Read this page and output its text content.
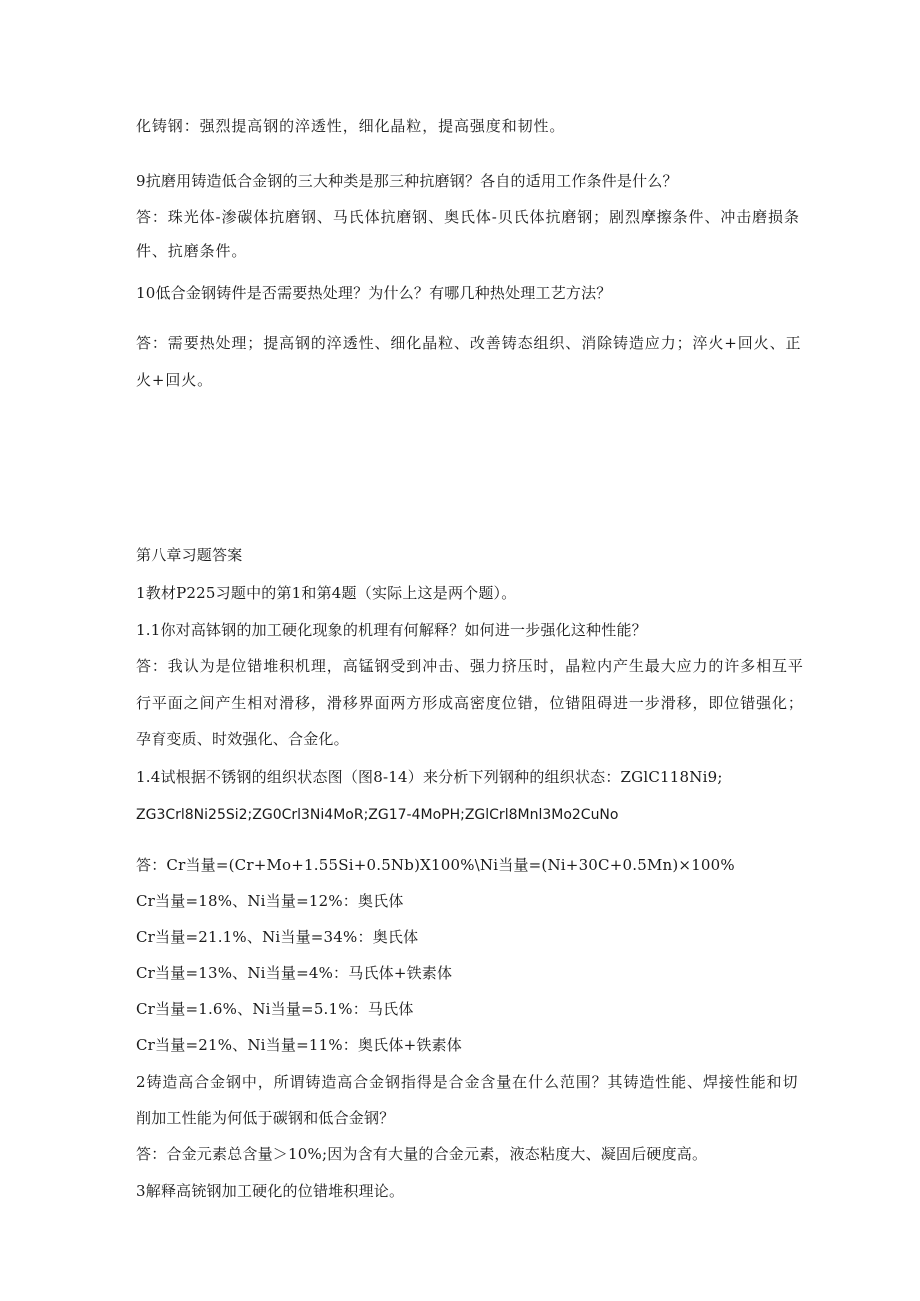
化铸钢：强烈提高钢的淬透性，细化晶粒，提高强度和韧性。
9抗磨用铸造低合金钢的三大种类是那三种抗磨钢？各自的适用工作条件是什么？
答：珠光体-渗碳体抗磨钢、马氏体抗磨钢、奥氏体-贝氏体抗磨钢；剧烈摩擦条件、冲击磨损条
件、抗磨条件。
10低合金钢铸件是否需要热处理？为什么？有哪几种热处理工艺方法？
答：需要热处理；提高钢的淬透性、细化晶粒、改善铸态组织、消除铸造应力；淬火+回火、正
火+回火。
第八章习题答案
1教材P225习题中的第1和第4题（实际上这是两个题）。
1.1你对高钵钢的加工硬化现象的机理有何解释？如何进一步强化这种性能？
答：我认为是位错堆积机理，高锰钢受到冲击、强力挤压时，晶粒内产生最大应力的许多相互平
行平面之间产生相对滑移，滑移界面两方形成高密度位错，位错阻碍进一步滑移，即位错强化；
孕育变质、时效强化、合金化。
1.4试根据不锈钢的组织状态图（图8-14）来分析下列钢种的组织状态：ZGlC118Ni9;
ZG3Crl8Ni25Si2;ZG0Crl3Ni4MoR;ZG17-4MoPH;ZGlCrl8Mnl3Mo2CuNo
答：Cr当量=(Cr+Mo+1.55Si+0.5Nb)X100%\Ni当量=(Ni+30C+0.5Mn)×100%
Cr当量=18%、Ni当量=12%：奥氏体
Cr当量=21.1%、Ni当量=34%：奥氏体
Cr当量=13%、Ni当量=4%：马氏体+铁素体
Cr当量=1.6%、Ni当量=5.1%：马氏体
Cr当量=21%、Ni当量=11%：奥氏体+铁素体
2铸造高合金钢中，所谓铸造高合金钢指得是合金含量在什么范围？其铸造性能、焊接性能和切
削加工性能为何低于碳钢和低合金钢？
答：合金元素总含量＞10%;因为含有大量的合金元素，液态粘度大、凝固后硬度高。
3解释高铳钢加工硬化的位错堆积理论。
